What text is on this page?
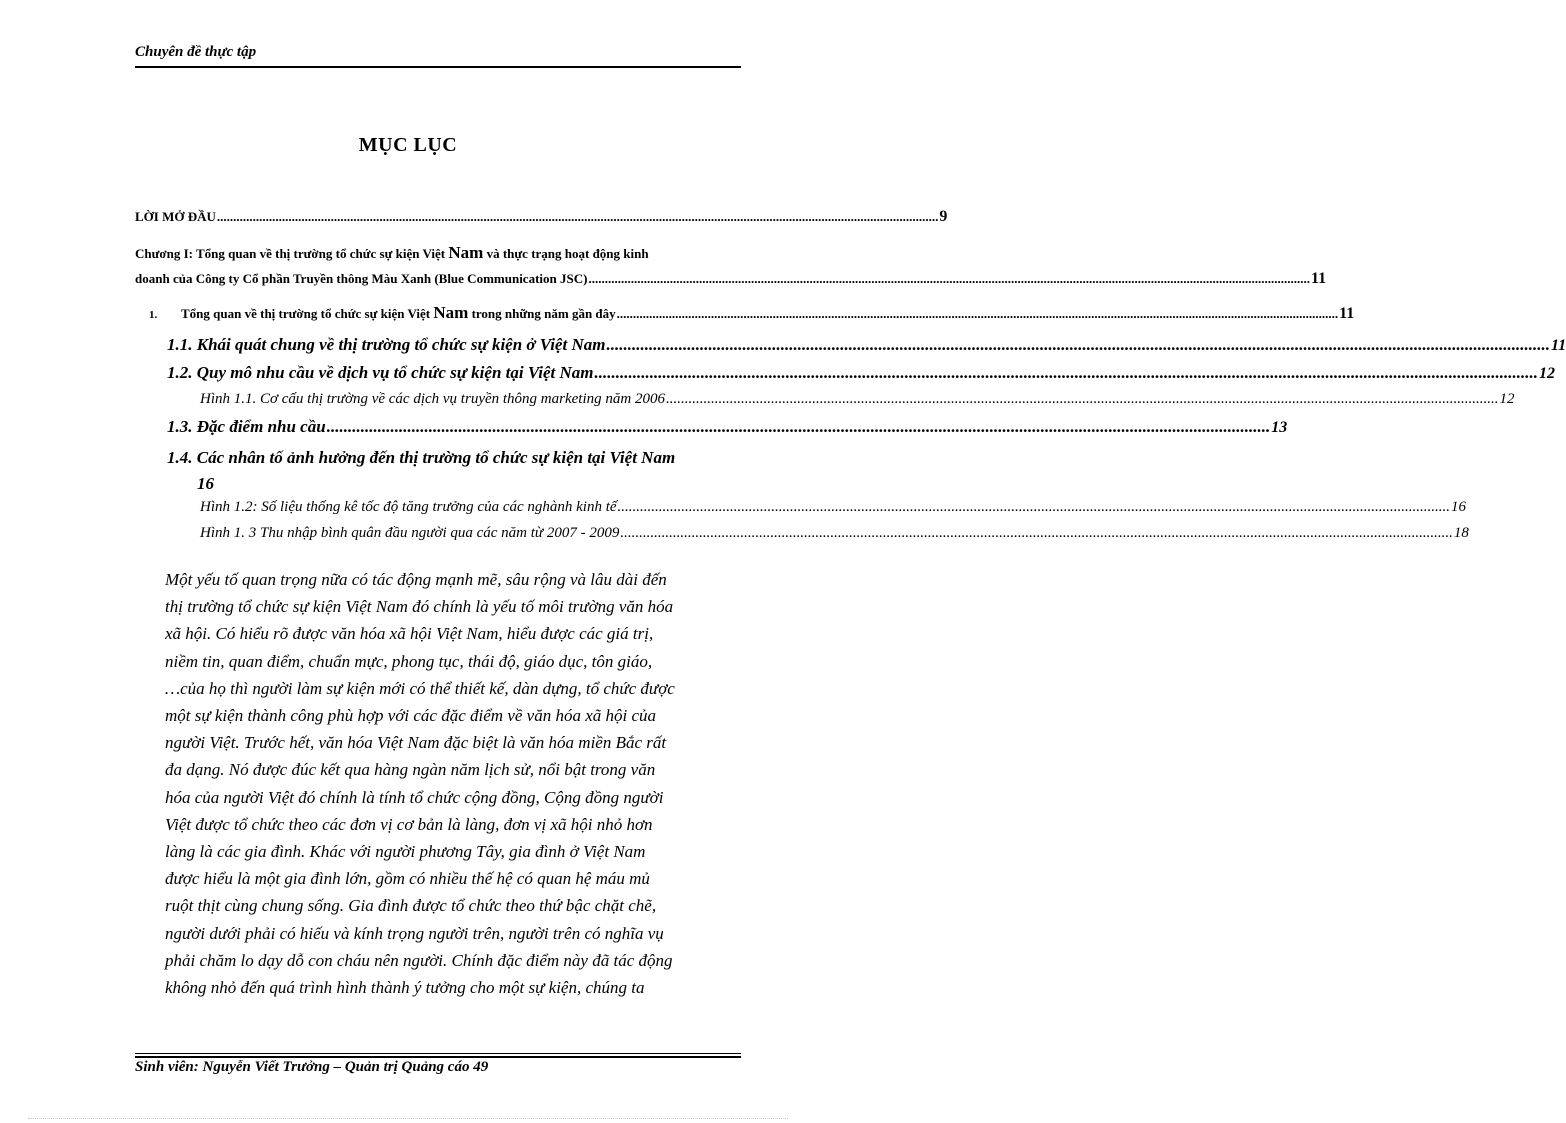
Chuyên đề thực tập
MỤC LỤC
LỜI MỞ ĐẦU .....	9
Chương I: Tổng quan về thị trường tổ chức sự kiện Việt Nam và thực trạng hoạt động kinh
doanh của Công ty Cổ phần Truyền thông Màu Xanh (Blue Communication JSC) .....	11
1. Tổng quan về thị trường tổ chức sự kiện Việt Nam trong những năm gần đây .....	11
1.1. Khái quát chung về thị trường tổ chức sự kiện ở Việt Nam .....	11
1.2. Quy mô nhu cầu về dịch vụ tổ chức sự kiện tại Việt Nam .....	12
Hình 1.1. Cơ cấu thị trường về các dịch vụ truyền thông marketing năm 2006 .....	12
1.3. Đặc điểm nhu cầu .....	13
1.4. Các nhân tố ảnh hưởng đến thị trường tổ chức sự kiện tại Việt Nam
16
Hình 1.2: Số liệu thống kê tốc độ tăng trưởng của các nghành kinh tế .....	16
Hình 1. 3 Thu nhập bình quân đầu người qua các năm từ 2007 - 2009 .....	18
Một yếu tố quan trọng nữa có tác động mạnh mẽ, sâu rộng và lâu dài đến
thị trường tổ chức sự kiện Việt Nam đó chính là yếu tố môi trường văn hóa
xã hội. Có hiểu rõ được văn hóa xã hội Việt Nam, hiểu được các giá trị,
niềm tin, quan điểm, chuẩn mực, phong tục, thái độ, giáo dục, tôn giáo,
…của họ thì người làm sự kiện mới có thể thiết kế, dàn dựng, tổ chức được
một sự kiện thành công phù hợp với các đặc điểm về văn hóa xã hội của
người Việt. Trước hết, văn hóa Việt Nam đặc biệt là văn hóa miền Bắc rất
đa dạng. Nó được đúc kết qua hàng ngàn năm lịch sử, nổi bật trong văn
hóa của người Việt đó chính là tính tổ chức cộng đồng, Cộng đồng người
Việt được tổ chức theo các đơn vị cơ bản là làng, đơn vị xã hội nhỏ hơn
làng là các gia đình. Khác với người phương Tây, gia đình ở Việt Nam
được hiểu là một gia đình lớn, gồm có nhiều thế hệ có quan hệ máu mủ
ruột thịt cùng chung sống. Gia đình được tổ chức theo thứ bậc chặt chẽ,
người dưới phải có hiếu và kính trọng người trên, người trên có nghĩa vụ
phải chăm lo dạy dỗ con cháu nên người. Chính đặc điểm này đã tác động
không nhỏ đến quá trình hình thành ý tưởng cho một sự kiện, chúng ta
Sinh viên: Nguyễn Viết Trưởng – Quản trị Quảng cáo 49
